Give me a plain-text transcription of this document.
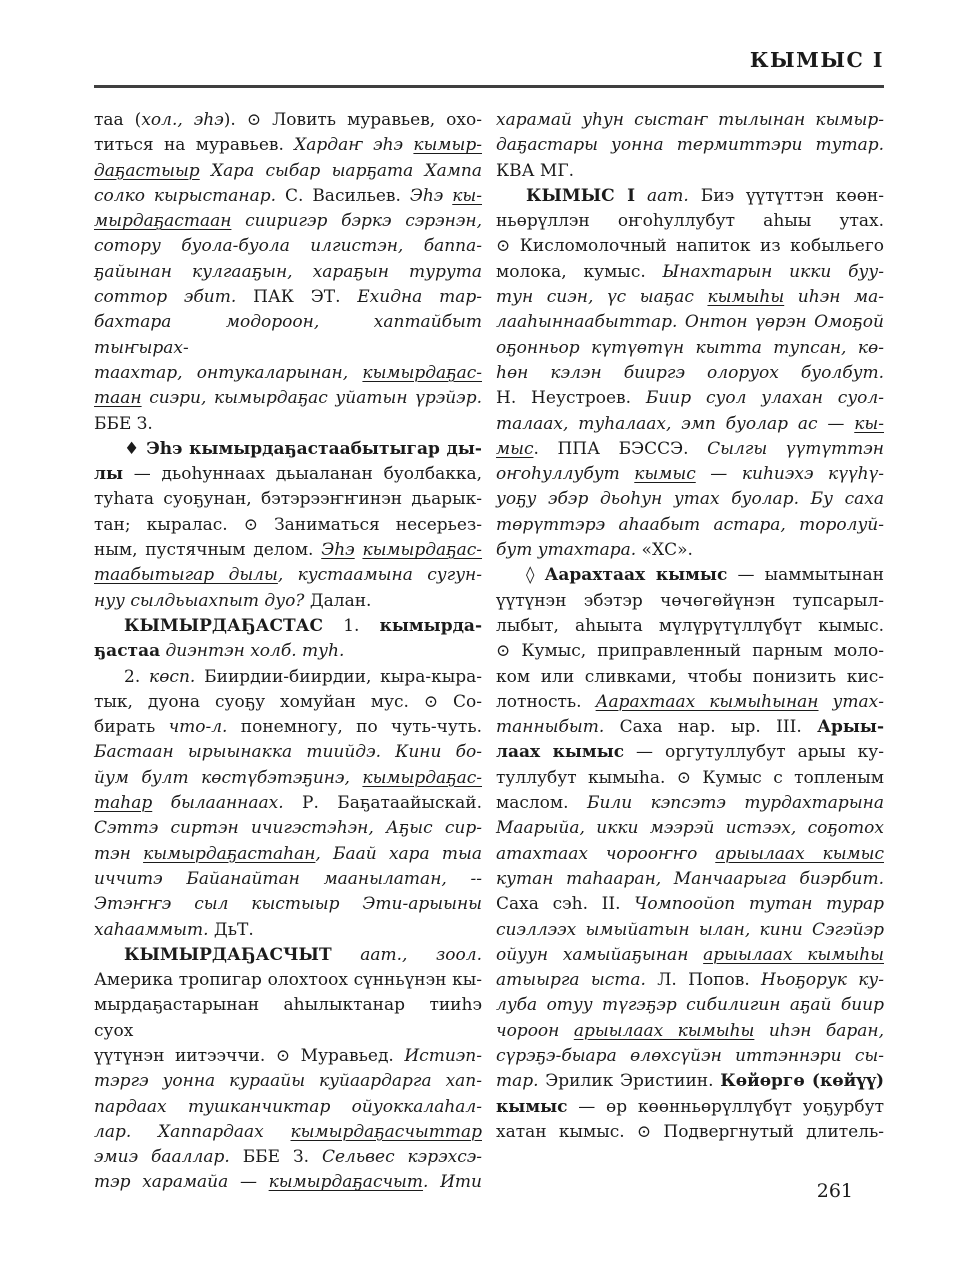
КЫМЫС I
таа (хол., эһэ). ⊙ Ловить муравьев, охо-
титься на муравьев. Хардаҥ эһэ кымыр-
даҕастыыр Хара сыбар ыарҕата Хампа
солко кырыстанар. С. Васильев. Эһэ кы-
мырдаҕастаан сииригэр бэркэ сэрэнэн,
сотору буола-буола илгистэн, баппа-
ҕайынан кулгааҕын, хараҕын турута
соттор эбит. ПАК ЭТ. Ехидна тар-
бахтара модороон, хаптайбыт тыҥырах-
таахтар, онтукаларынан, кымырдаҕас-
таан сиэри, кымырдаҕас уйатын үрэйэр.
ББЕ З.
♦ Эһэ кымырдаҕастаабытыгар ды-
лы — дьоһуннаах дьыаланан буолбакка,
туһата суоҕунан, бэтэрээҥҥинэн дьарык-
тан; кыралас. ⊙ Заниматься несерьез-
ным, пустячным делом. Эһэ кымырдаҕас-
таабытыгар дылы, кустаамына сугун-
нуу сылдьыахпыт дуо? Далан.
КЫМЫРДАҔАСТАС 1. кымырда-
ҕастаа диэнтэн холб. туһ.
2. көсп. Биирдии-биирдии, кыра-кыра-
тык, дуона суоҕу хомуйан мус. ⊙ Со-
бирать что-л. понемногу, по чуть-чуть.
Бастаан ырыынакка тиийдэ. Кини бо-
йум булт көстүбэтэҕинэ, кымырдаҕас-
таһар былааннаах. Р. Баҕатаайыскай.
Сэттэ сиртэн ичигэстэһэн, Аҕыс сир-
тэн кымырдаҕастаһан, Баай хара тыа
иччитэ Байанайтан маанылатан, --
Этэҥҥэ сыл кыстыыр Эти-арыыны
хаһааммыт. ДьТ.
КЫМЫРДАҔАСЧЫТ аат., зоол.
Америка тропигар олохтоох сүнньүнэн кы-
мырдаҕастарынан аһылыктанар тииһэ суох
үүтүнэн иитээччи. ⊙ Муравьед. Истиэп-
тэргэ уонна кураайы куйаардарга хап-
пардаах тушканчиктар ойуоккалаһал-
лар. Хаппардаах кымырдаҕасчыттар
эмиэ бааллар. ББЕ З. Сельвес кэрэхсэ-
тэр харамайа — кымырдаҕасчыт. Ити
харамай уһун сыстаҥ тылынан кымыр-
даҕастары уонна термиттэри тутар.
КВА МГ.
КЫМЫС I аат. Биэ үүтүттэн көөн-
ньөрүллэн оҥоһуллубут аһыы утах.
⊙ Кисломолочный напиток из кобыльего
молока, кумыс. Ынахтарын икки буу-
тун сиэн, үс ыаҕас кымыһы иһэн ма-
лааһыннаабыттар. Онтон үөрэн Омоҕой
оҕонньор күтүөтүн кытта тупсан, кө-
һөн кэлэн бииргэ олоруох буолбут.
Н. Неустроев. Биир суол улахан суол-
талаах, туһалаах, эмп буолар ас — кы-
мыс. ППА БЭССЭ. Сылгы үүтүттэн
оҥоһуллубут кымыс — киһиэхэ күүһү-
уоҕу эбэр дьоһун утах буолар. Бу саха
төрүттэрэ аһаабыт астара, торолуй-
бут утахтара. «ХС».
◊ Аарахтаах кымыс — ыаммытынан
үүтүнэн эбэтэр чөчөгөйүнэн тупсарыл-
лыбыт, аһыыта мүлүрүтүллүбүт кымыс.
⊙ Кумыс, приправленный парным моло-
ком или сливками, чтобы понизить кис-
лотность. Аарахтаах кымыһынан утах-
танныбыт. Саха нар. ыр. III. Арыы-
лаах кымыс — оргутуллубут арыы ку-
туллубут кымыһа. ⊙ Кумыс с топленым
маслом. Били кэпсэтэ турдахтарына
Маарыйа, икки мээрэй истээх, соҕотох
атахтаах чорооҥҥо арыылаах кымыс
кутан таһааран, Манчаарыга биэрбит.
Саха сэһ. II. Чомпоойоп тутан турар
сиэллээх ымыйатын ылан, кини Сэгэйэр
ойуун хамыйаҕынан арыылаах кымыһы
атыырга ыста. Л. Попов. Ньоҕорук ку-
луба отуу түгэҕэр сибилигин аҕай биир
чороон арыылаах кымыһы иһэн баран,
сүрэҕэ-быара өлөхсүйэн иттэннэри сы-
тар. Эрилик Эристиин. Көйөргө (көйүү)
кымыс — өр көөнньөрүллүбүт уоҕурбут
хатан кымыс. ⊙ Подвергнутый длитель-
261
